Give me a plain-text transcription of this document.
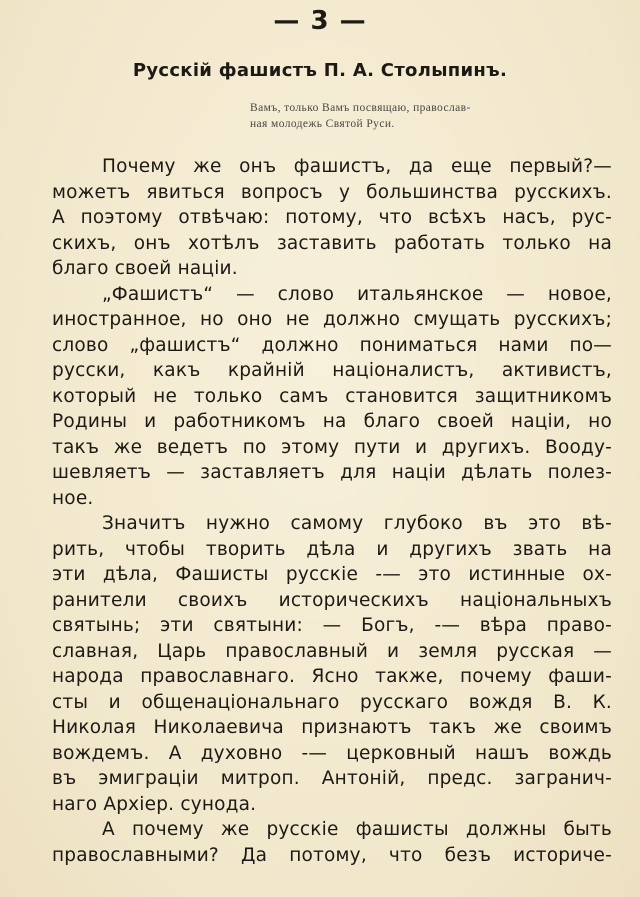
— 3 —
Русскій фашистъ П. А. Столыпинъ.
Вамъ, только Вамъ посвящаю, православ-
ная молодежь Святой Руси.
Почему же онъ фашистъ, да еще первый?—
можетъ явиться вопросъ у большинства русскихъ.
А поэтому отвѣчаю: потому, что всѣхъ насъ, рус-
скихъ, онъ хотѣлъ заставить работать только на
благо своей націи.
„Фашистъ“ — слово итальянское — новое,
иностранное, но оно не должно смущать русскихъ;
слово „фашистъ“ должно пониматься нами по—
русски, какъ крайній націоналистъ, активистъ,
который не только самъ становится защитникомъ
Родины и работникомъ на благо своей націи, но
такъ же ведетъ по этому пути и другихъ. Вооду-
шевляетъ — заставляетъ для націи дѣлать полез-
ное.
Значитъ нужно самому глубоко въ это вѣ-
рить, чтобы творить дѣла и другихъ звать на
эти дѣла, Фашисты русскіе -— это истинные ох-
ранители своихъ историческихъ національныхъ
святынь; эти святыни: — Богъ, -— вѣра право-
славная, Царь православный и земля русская —
народа православнаго. Ясно также, почему фаши-
сты и общенаціональнаго русскаго вождя В. К.
Николая Николаевича признаютъ такъ же своимъ
вождемъ. А духовно -— церковный нашъ вождь
въ эмиграціи митроп. Антоній, предс. загранич-
наго Архіер. сунода.
А почему же русскіе фашисты должны быть
православными? Да потому, что безъ историче-
